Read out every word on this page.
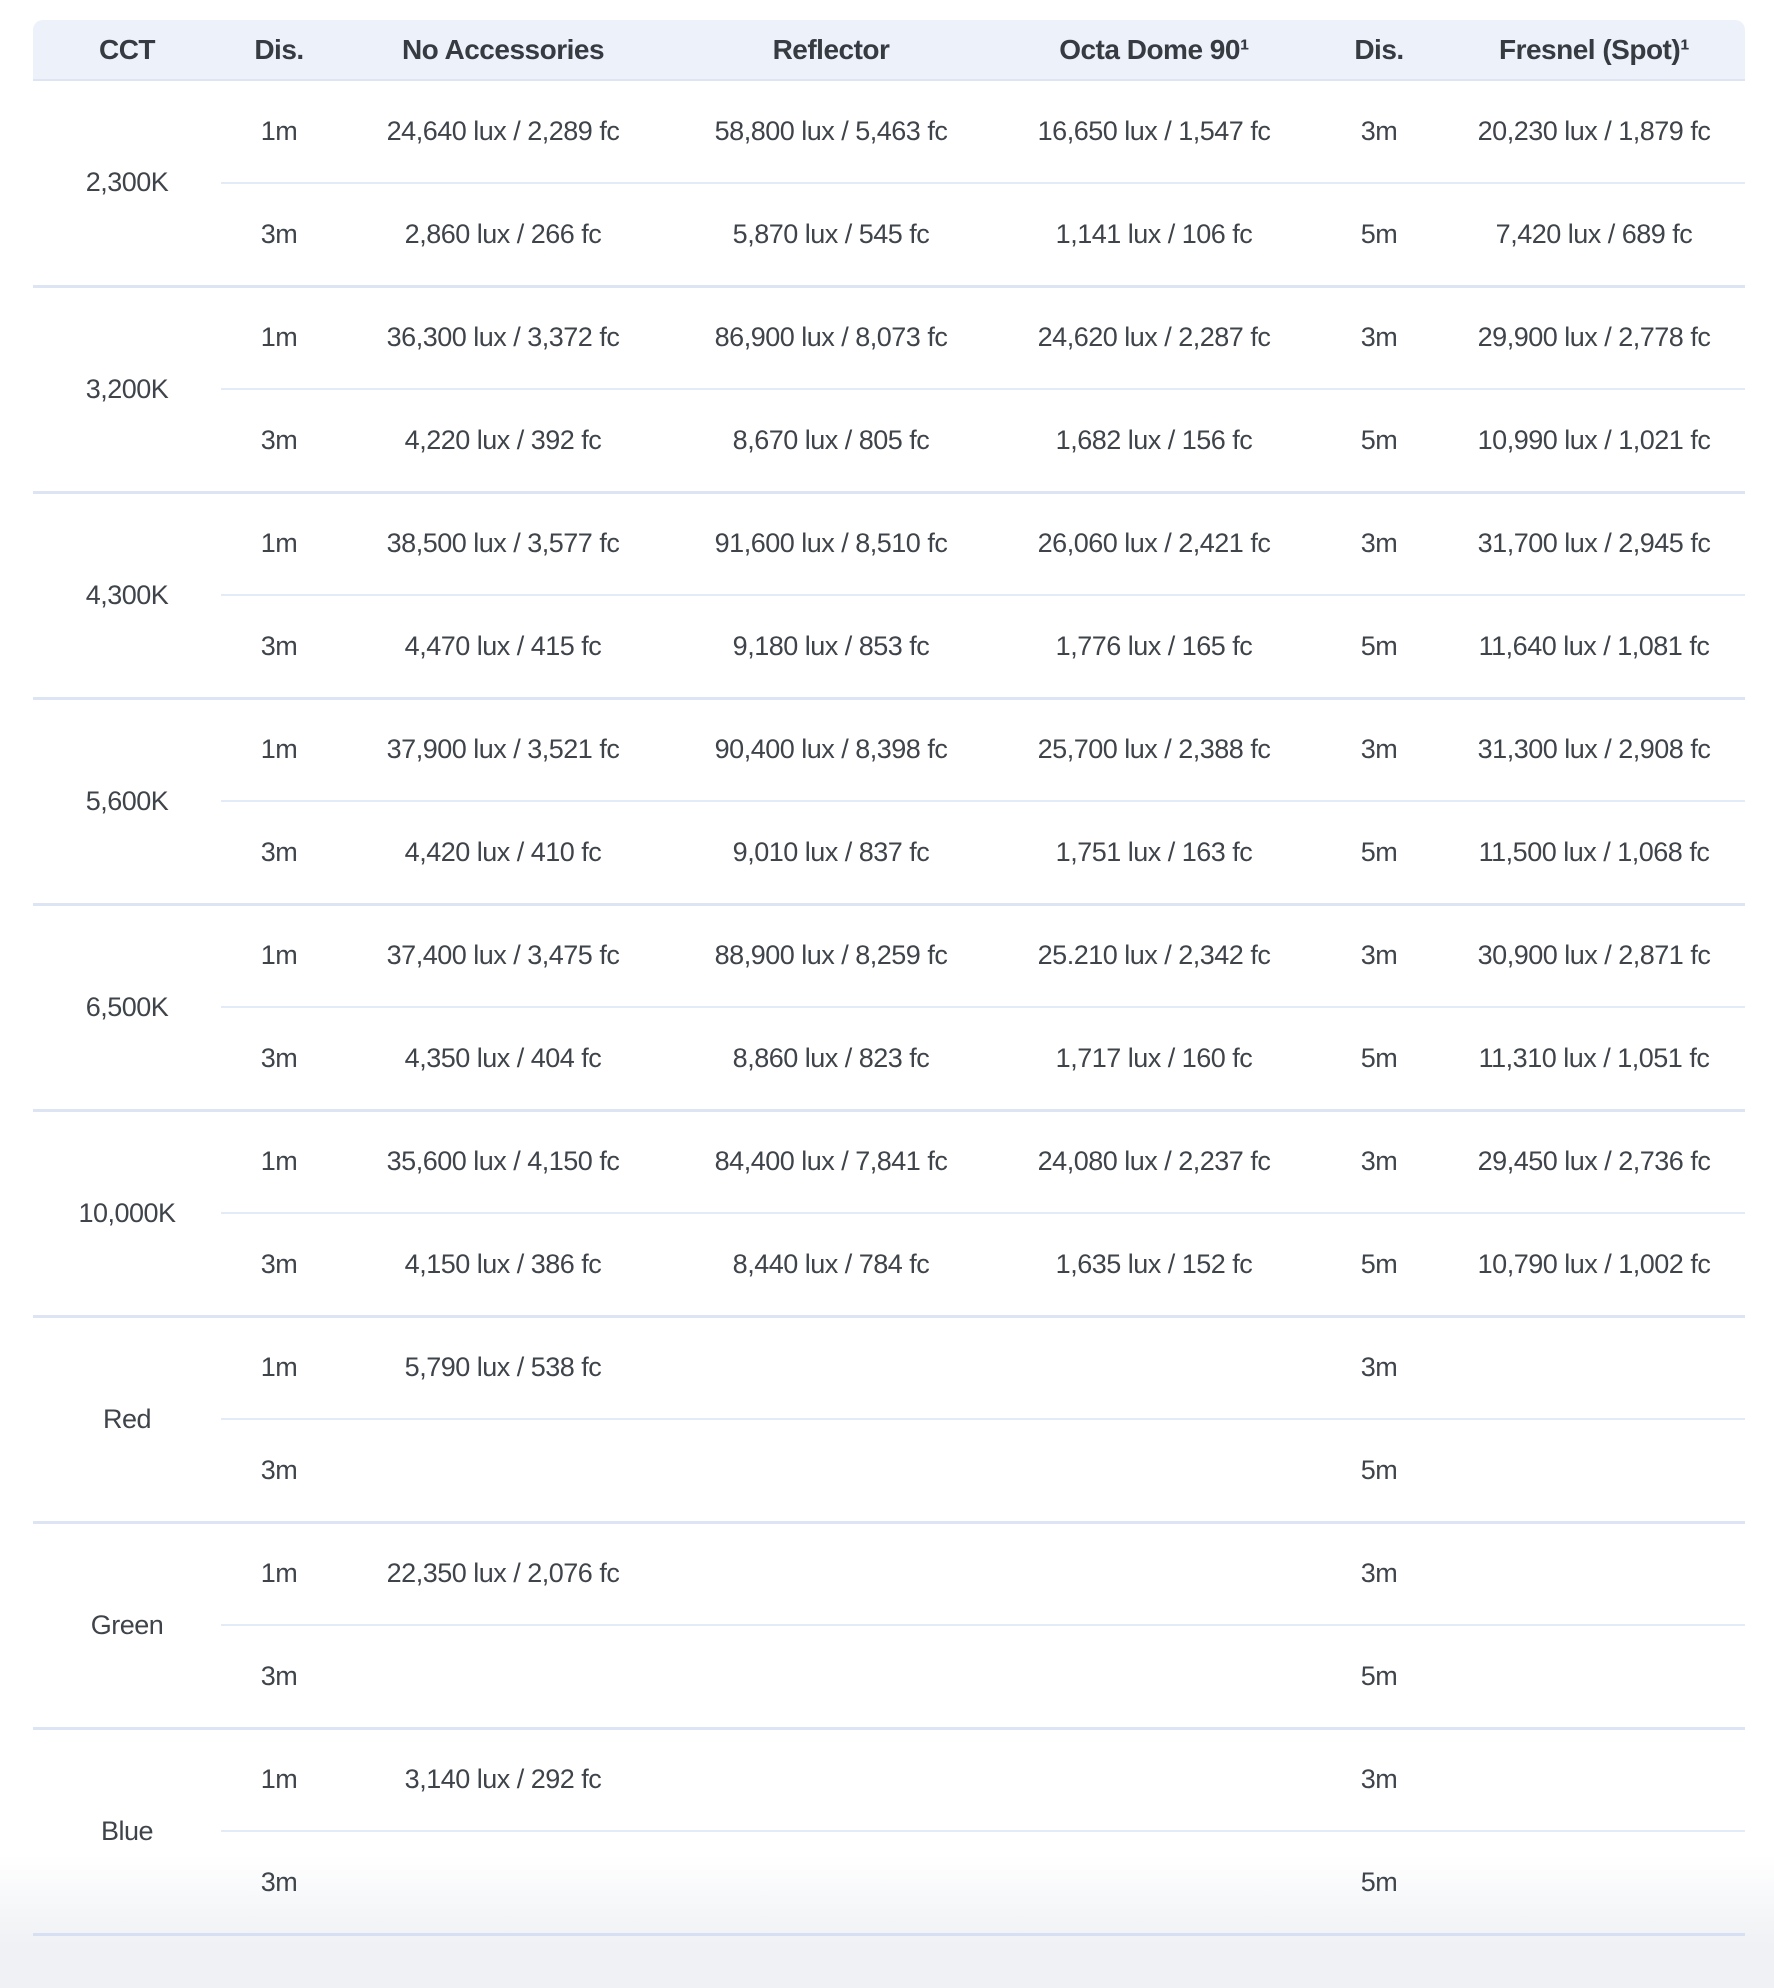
CCT	Dis.	No Accessories	Reflector	Octa Dome 90¹	Dis.	Fresnel (Spot)¹
2,300K	1m	24,640 lux / 2,289 fc	58,800 lux / 5,463 fc	16,650 lux / 1,547 fc	3m	20,230 lux / 1,879 fc
	3m	2,860 lux / 266 fc	5,870 lux / 545 fc	1,141 lux / 106 fc	5m	7,420 lux / 689 fc
3,200K	1m	36,300 lux / 3,372 fc	86,900 lux / 8,073 fc	24,620 lux / 2,287 fc	3m	29,900 lux / 2,778 fc
	3m	4,220 lux / 392 fc	8,670 lux / 805 fc	1,682 lux / 156 fc	5m	10,990 lux / 1,021 fc
4,300K	1m	38,500 lux / 3,577 fc	91,600 lux / 8,510 fc	26,060 lux / 2,421 fc	3m	31,700 lux / 2,945 fc
	3m	4,470 lux / 415 fc	9,180 lux / 853 fc	1,776 lux / 165 fc	5m	11,640 lux / 1,081 fc
5,600K	1m	37,900 lux / 3,521 fc	90,400 lux / 8,398 fc	25,700 lux / 2,388 fc	3m	31,300 lux / 2,908 fc
	3m	4,420 lux / 410 fc	9,010 lux / 837 fc	1,751 lux / 163 fc	5m	11,500 lux / 1,068 fc
6,500K	1m	37,400 lux / 3,475 fc	88,900 lux / 8,259 fc	25.210 lux / 2,342 fc	3m	30,900 lux / 2,871 fc
	3m	4,350 lux / 404 fc	8,860 lux / 823 fc	1,717 lux / 160 fc	5m	11,310 lux / 1,051 fc
10,000K	1m	35,600 lux / 4,150 fc	84,400 lux / 7,841 fc	24,080 lux / 2,237 fc	3m	29,450 lux / 2,736 fc
	3m	4,150 lux / 386 fc	8,440 lux / 784 fc	1,635 lux / 152 fc	5m	10,790 lux / 1,002 fc
Red	1m	5,790 lux / 538 fc			3m	
	3m				5m	
Green	1m	22,350 lux / 2,076 fc			3m	
	3m				5m	
Blue	1m	3,140 lux / 292 fc			3m	
	3m				5m	
